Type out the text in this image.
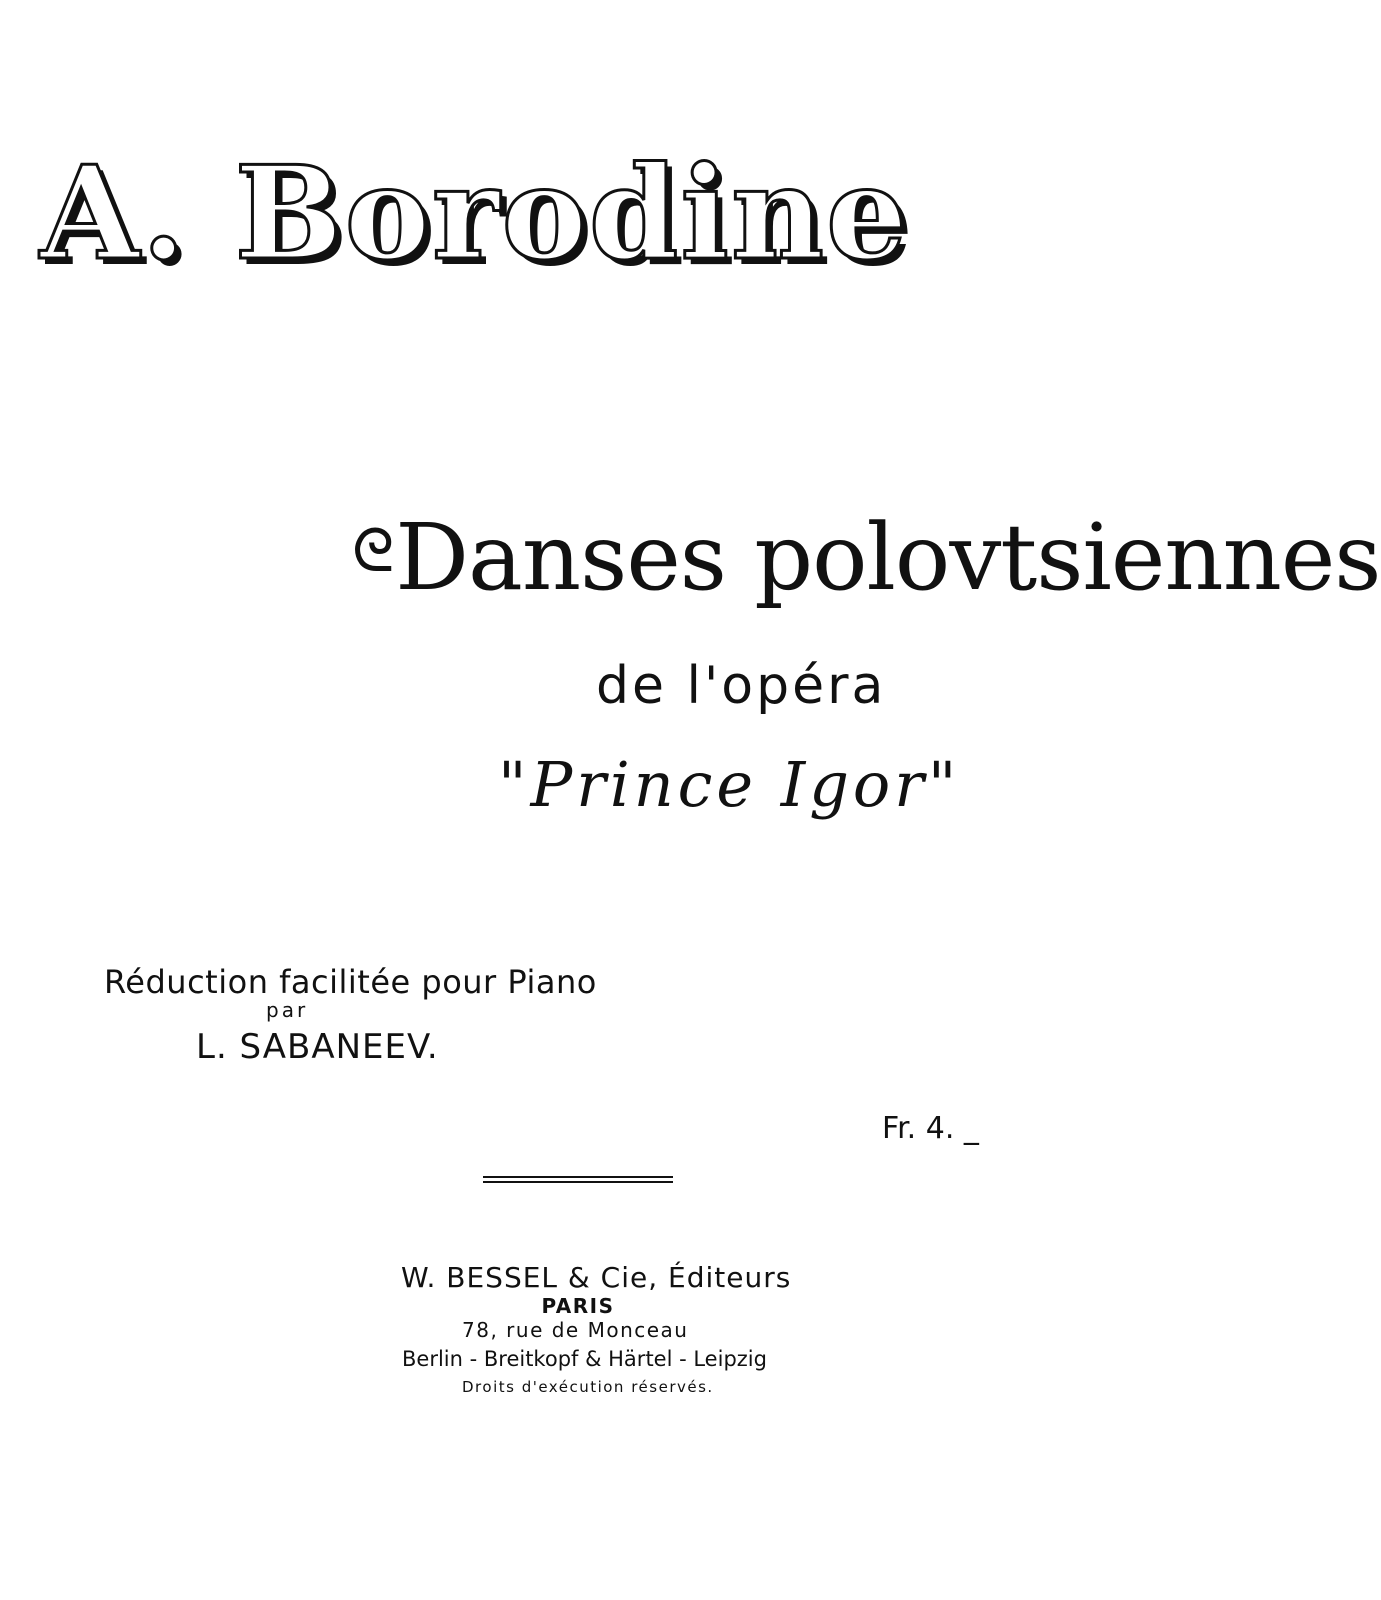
A. Borodine
ᘓDanses polovtsiennes
de l'opéra
"Prince Igor"
Réduction facilitée pour Piano
par
L. SABANEEV.
Fr. 4. _
W. BESSEL & Cie, Éditeurs
PARIS
78, rue de Monceau
Berlin - Breitkopf & Härtel - Leipzig
Droits d'exécution réservés.
